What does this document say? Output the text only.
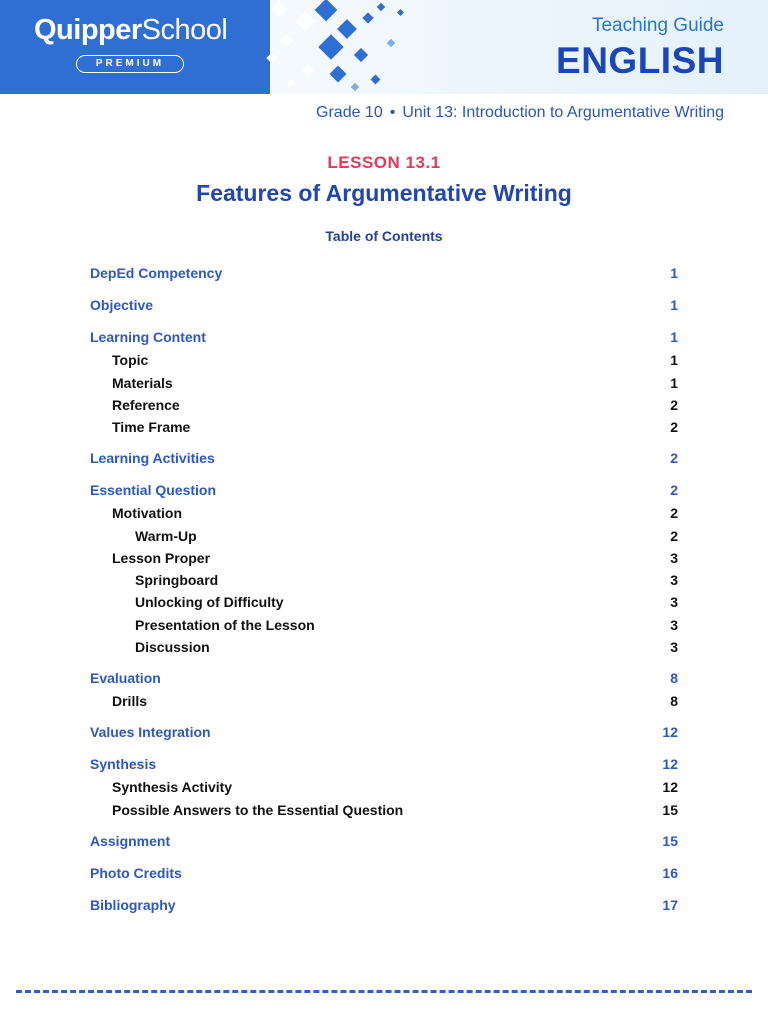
QuipperSchool
PREMIUM
Teaching Guide
ENGLISH
Grade 10 • Unit 13: Introduction to Argumentative Writing
LESSON 13.1
Features of Argumentative Writing
Table of Contents
DepEd Competency	1
Objective	1
Learning Content	1
Topic	1
Materials	1
Reference	2
Time Frame	2
Learning Activities	2
Essential Question	2
Motivation	2
Warm-Up	2
Lesson Proper	3
Springboard	3
Unlocking of Difficulty	3
Presentation of the Lesson	3
Discussion	3
Evaluation	8
Drills	8
Values Integration	12
Synthesis	12
Synthesis Activity	12
Possible Answers to the Essential Question	15
Assignment	15
Photo Credits	16
Bibliography	17
